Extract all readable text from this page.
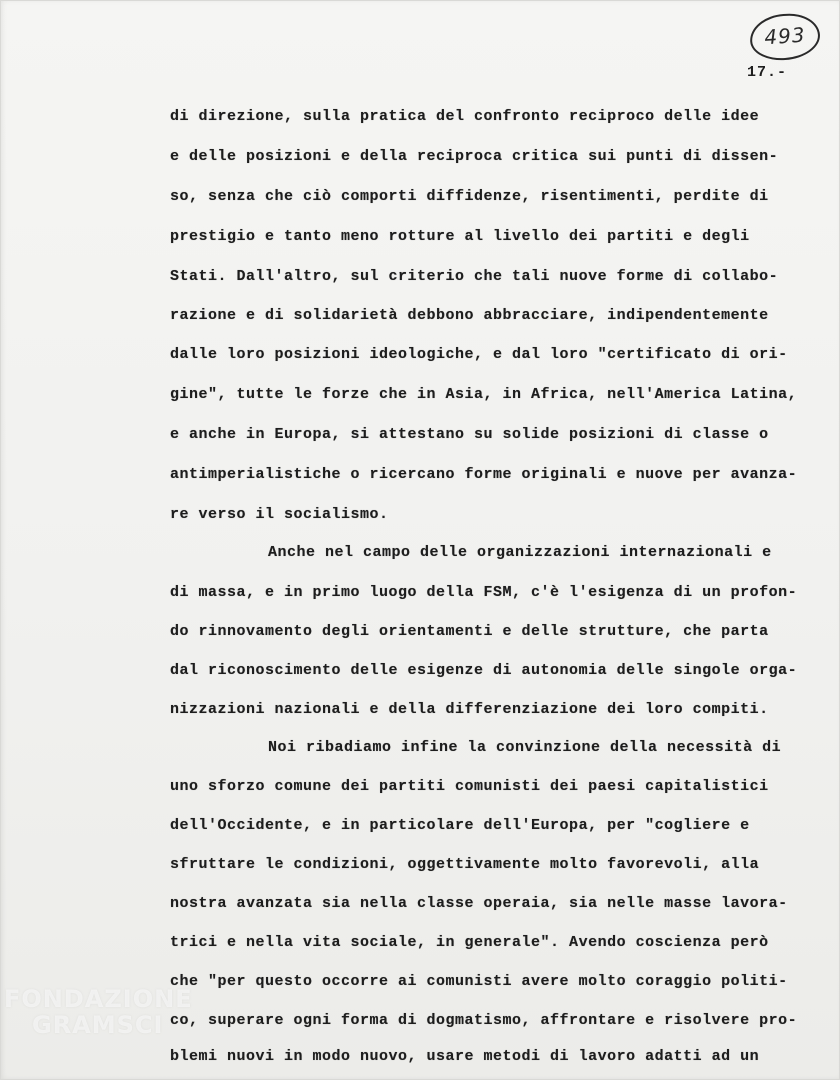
493
17.-
di direzione, sulla pratica del confronto reciproco delle idee
e delle posizioni e della reciproca critica sui punti di dissen-
so, senza che ciò comporti diffidenze, risentimenti, perdite di
prestigio e tanto meno rotture al livello dei partiti e degli
Stati. Dall'altro, sul criterio che tali nuove forme di collabo-
razione e di solidarietà debbono abbracciare, indipendentemente
dalle loro posizioni ideologiche, e dal loro "certificato di ori-
gine", tutte le forze che in Asia, in Africa, nell'America Latina,
e anche in Europa, si attestano su solide posizioni di classe o
antimperialistiche o ricercano forme originali e nuove per avanza-
re verso il socialismo.
Anche nel campo delle organizzazioni internazionali e
di massa, e in primo luogo della FSM, c'è l'esigenza di un profon-
do rinnovamento degli orientamenti e delle strutture, che parta
dal riconoscimento delle esigenze di autonomia delle singole orga-
nizzazioni nazionali e della differenziazione dei loro compiti.
Noi ribadiamo infine la convinzione della necessità di
uno sforzo comune dei partiti comunisti dei paesi capitalistici
dell'Occidente, e in particolare dell'Europa, per "cogliere e
sfruttare le condizioni, oggettivamente molto favorevoli, alla
nostra avanzata sia nella classe operaia, sia nelle masse lavora-
trici e nella vita sociale, in generale". Avendo coscienza però
che "per questo occorre ai comunisti avere molto coraggio politi-
co, superare ogni forma di dogmatismo, affrontare e risolvere pro-
blemi nuovi in modo nuovo, usare metodi di lavoro adatti ad un
FONDAZIONE
GRAMSCI
